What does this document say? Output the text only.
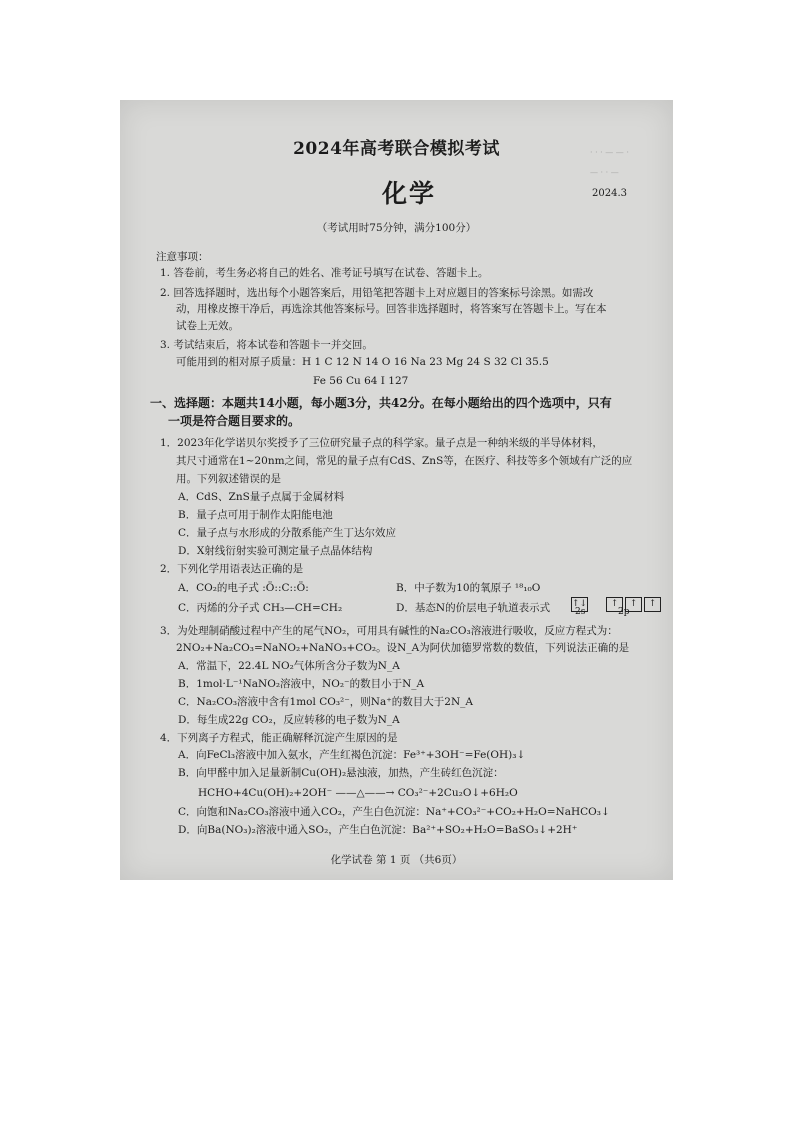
· · · — — ·
— · · —
2024年高考联合模拟考试
化学	2024.3
（考试用时75分钟，满分100分）
注意事项：
1. 答卷前，考生务必将自己的姓名、准考证号填写在试卷、答题卡上。
2. 回答选择题时，选出每个小题答案后，用铅笔把答题卡上对应题目的答案标号涂黑。如需改
动，用橡皮擦干净后，再选涂其他答案标号。回答非选择题时，将答案写在答题卡上。写在本
试卷上无效。
3. 考试结束后，将本试卷和答题卡一并交回。
可能用到的相对原子质量：H 1 C 12 N 14 O 16 Na 23 Mg 24 S 32 Cl 35.5
Fe 56 Cu 64 I 127
一、选择题：本题共14小题，每小题3分，共42分。在每小题给出的四个选项中，只有
一项是符合题目要求的。
1．2023年化学诺贝尔奖授予了三位研究量子点的科学家。量子点是一种纳米级的半导体材料，
其尺寸通常在1~20nm之间，常见的量子点有CdS、ZnS等，在医疗、科技等多个领域有广泛的应
用。下列叙述错误的是
A．CdS、ZnS量子点属于金属材料
B．量子点可用于制作太阳能电池
C．量子点与水形成的分散系能产生丁达尔效应
D．X射线衍射实验可测定量子点晶体结构
2．下列化学用语表达正确的是
A．CO₂的电子式 :Ö::C::Ö:	B．中子数为10的氧原子 ¹⁸₁₀O
C．丙烯的分子式 CH₃—CH=CH₂	D．基态N的价层电子轨道表示式 ↑↓	↑ ↑ ↑
2s	2p
3．为处理制硝酸过程中产生的尾气NO₂，可用具有碱性的Na₂CO₃溶液进行吸收，反应方程式为：
2NO₂+Na₂CO₃=NaNO₂+NaNO₃+CO₂。设N_A为阿伏加德罗常数的数值，下列说法正确的是
A．常温下，22.4L NO₂气体所含分子数为N_A
B．1mol·L⁻¹NaNO₂溶液中，NO₂⁻的数目小于N_A
C．Na₂CO₃溶液中含有1mol CO₃²⁻，则Na⁺的数目大于2N_A
D．每生成22g CO₂，反应转移的电子数为N_A
4．下列离子方程式，能正确解释沉淀产生原因的是
A．向FeCl₃溶液中加入氨水，产生红褐色沉淀：Fe³⁺+3OH⁻=Fe(OH)₃↓
B．向甲醛中加入足量新制Cu(OH)₂悬浊液，加热，产生砖红色沉淀：
HCHO+4Cu(OH)₂+2OH⁻ ——△——→ CO₃²⁻+2Cu₂O↓+6H₂O
C．向饱和Na₂CO₃溶液中通入CO₂，产生白色沉淀：Na⁺+CO₃²⁻+CO₂+H₂O=NaHCO₃↓
D．向Ba(NO₃)₂溶液中通入SO₂，产生白色沉淀：Ba²⁺+SO₂+H₂O=BaSO₃↓+2H⁺
化学试卷 第 1 页 （共6页）
